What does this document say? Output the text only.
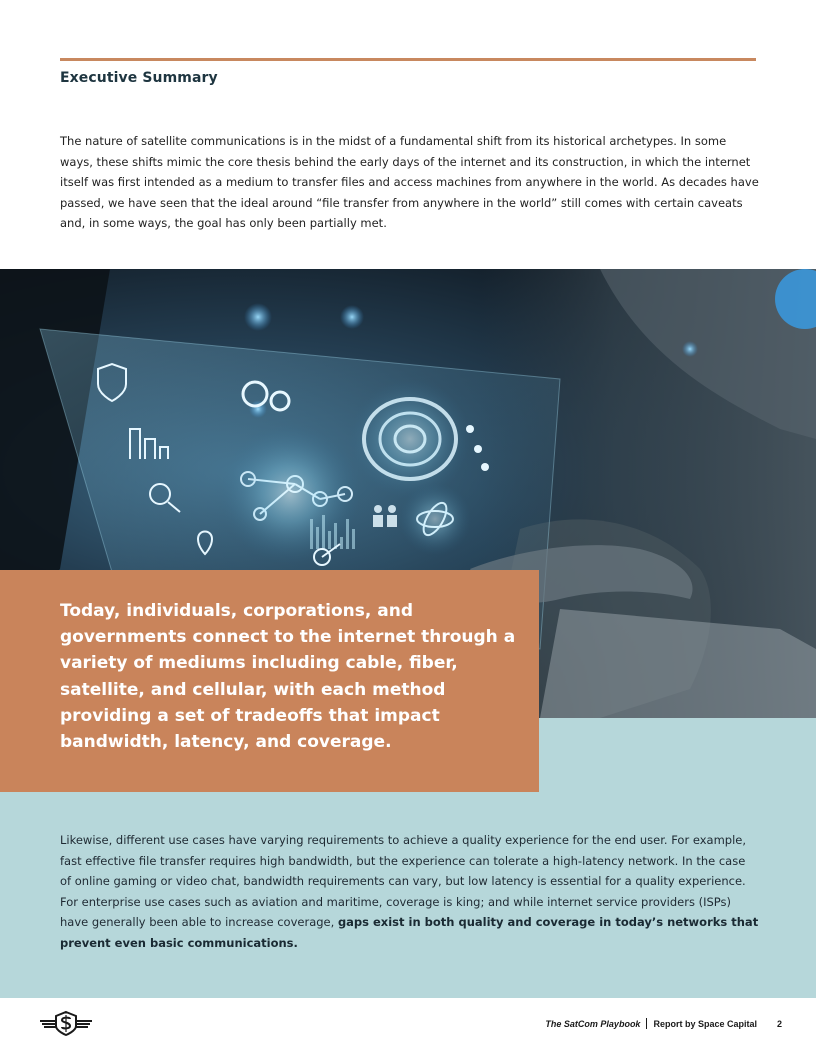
Executive Summary

The nature of satellite communications is in the midst of a fundamental shift from its historical archetypes. In some ways, these shifts mimic the core thesis behind the early days of the internet and its construction, in which the internet itself was first intended as a medium to transfer files and access machines from anywhere in the world. As decades have passed, we have seen that the ideal around “file transfer from anywhere in the world” still comes with certain caveats and, in some ways, the goal has only been partially met.

Today, individuals, corporations, and governments connect to the internet through a variety of mediums including cable, fiber, satellite, and cellular, with each method providing a set of tradeoffs that impact bandwidth, latency, and coverage.

Likewise, different use cases have varying requirements to achieve a quality experience for the end user. For example, fast effective file transfer requires high bandwidth, but the experience can tolerate a high-latency network. In the case of online gaming or video chat, bandwidth requirements can vary, but low latency is essential for a quality experience. For enterprise use cases such as aviation and maritime, coverage is king; and while internet service providers (ISPs) have generally been able to increase coverage, gaps exist in both quality and coverage in today’s networks that prevent even basic communications.

The SatCom Playbook Report by Space Capital 2
